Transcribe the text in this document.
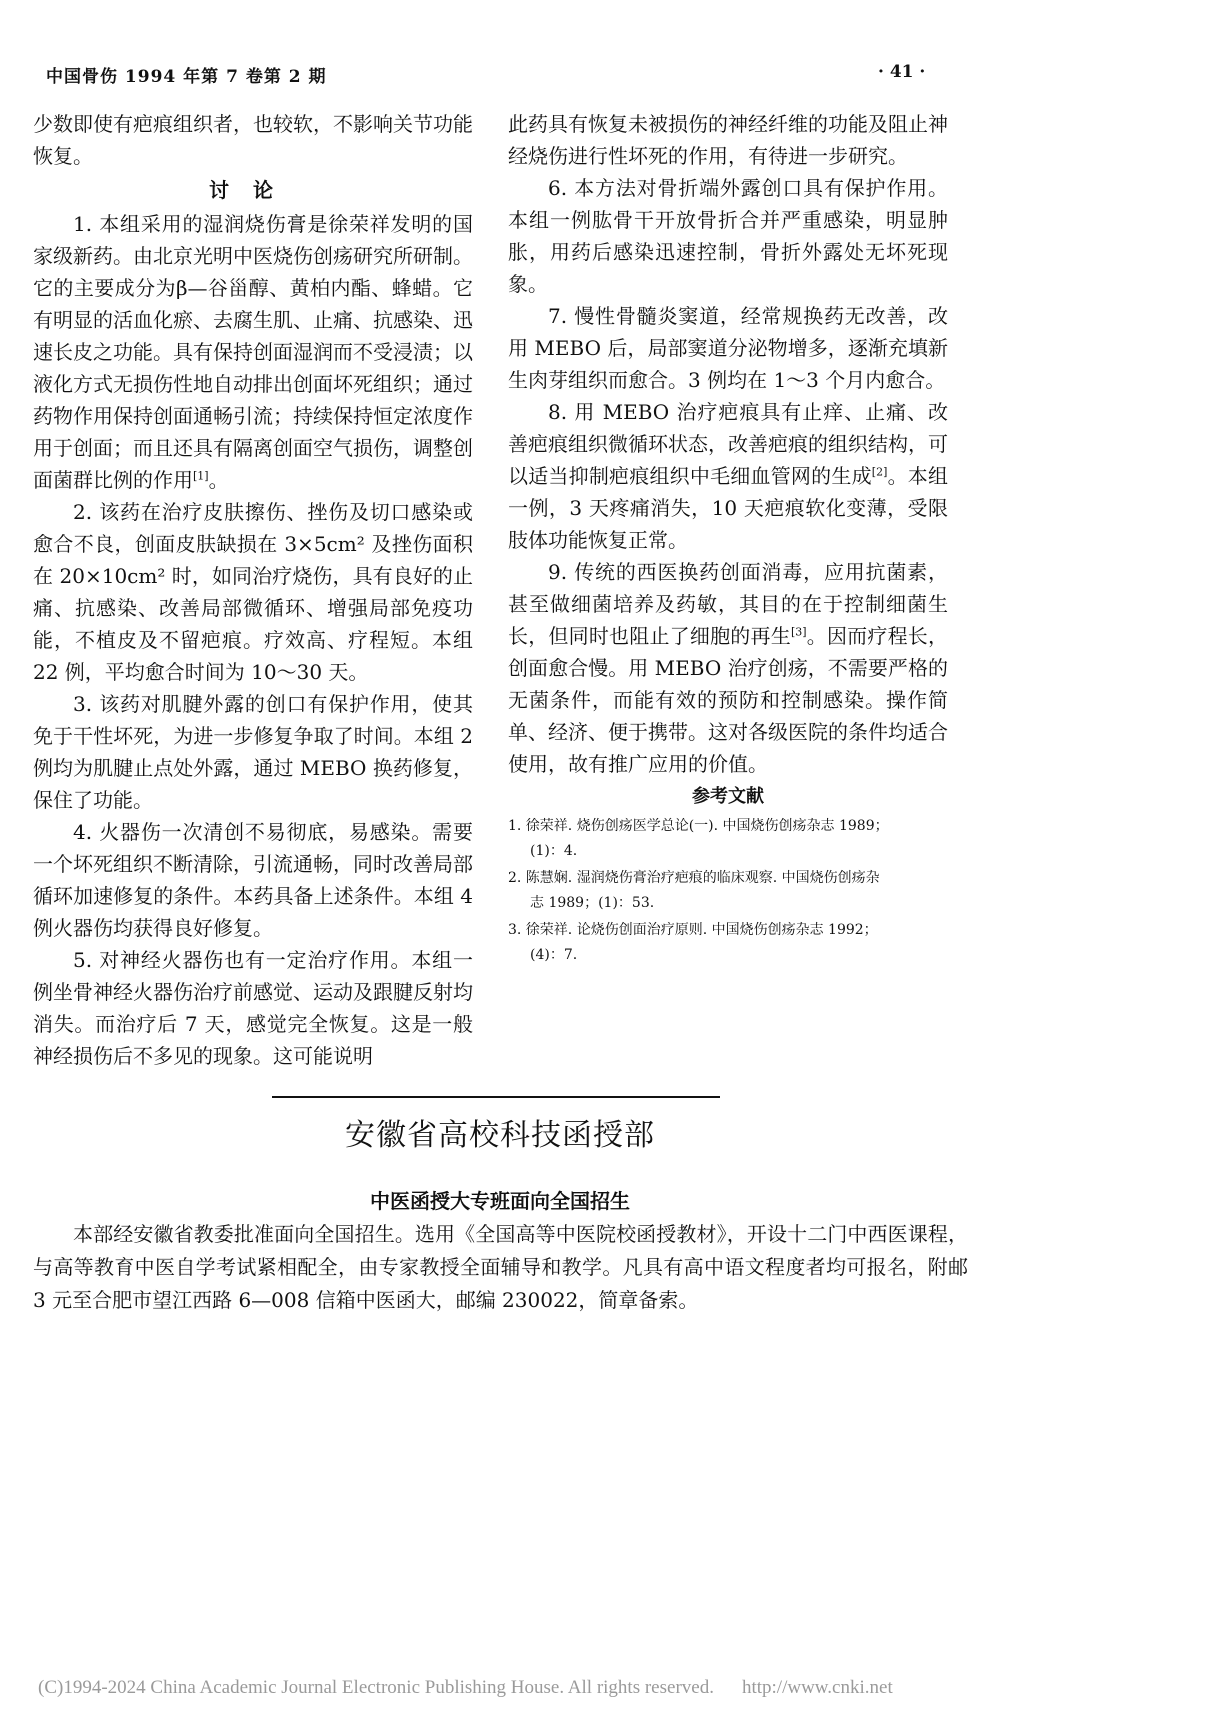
中国骨伤 1994 年第 7 卷第 2 期	· 41 ·

少数即使有疤痕组织者，也较软，不影响关节功能恢复。

讨论

1. 本组采用的湿润烧伤膏是徐荣祥发明的国家级新药。由北京光明中医烧伤创疡研究所研制。它的主要成分为β—谷甾醇、黄柏内酯、蜂蜡。它有明显的活血化瘀、去腐生肌、止痛、抗感染、迅速长皮之功能。具有保持创面湿润而不受浸渍；以液化方式无损伤性地自动排出创面坏死组织；通过药物作用保持创面通畅引流；持续保持恒定浓度作用于创面；而且还具有隔离创面空气损伤，调整创面菌群比例的作用[1]。

2. 该药在治疗皮肤擦伤、挫伤及切口感染或愈合不良，创面皮肤缺损在 3×5cm² 及挫伤面积在 20×10cm² 时，如同治疗烧伤，具有良好的止痛、抗感染、改善局部微循环、增强局部免疫功能，不植皮及不留疤痕。疗效高、疗程短。本组 22 例，平均愈合时间为 10～30 天。

3. 该药对肌腱外露的创口有保护作用，使其免于干性坏死，为进一步修复争取了时间。本组 2 例均为肌腱止点处外露，通过 MEBO 换药修复，保住了功能。

4. 火器伤一次清创不易彻底，易感染。需要一个坏死组织不断清除，引流通畅，同时改善局部循环加速修复的条件。本药具备上述条件。本组 4 例火器伤均获得良好修复。

5. 对神经火器伤也有一定治疗作用。本组一例坐骨神经火器伤治疗前感觉、运动及跟腱反射均消失。而治疗后 7 天，感觉完全恢复。这是一般神经损伤后不多见的现象。这可能说明

此药具有恢复未被损伤的神经纤维的功能及阻止神经烧伤进行性坏死的作用，有待进一步研究。

6. 本方法对骨折端外露创口具有保护作用。本组一例肱骨干开放骨折合并严重感染，明显肿胀，用药后感染迅速控制，骨折外露处无坏死现象。

7. 慢性骨髓炎窦道，经常规换药无改善，改用 MEBO 后，局部窦道分泌物增多，逐渐充填新生肉芽组织而愈合。3 例均在 1～3 个月内愈合。

8. 用 MEBO 治疗疤痕具有止痒、止痛、改善疤痕组织微循环状态，改善疤痕的组织结构，可以适当抑制疤痕组织中毛细血管网的生成[2]。本组一例，3 天疼痛消失，10 天疤痕软化变薄，受限肢体功能恢复正常。

9. 传统的西医换药创面消毒，应用抗菌素，甚至做细菌培养及药敏，其目的在于控制细菌生长，但同时也阻止了细胞的再生[3]。因而疗程长，创面愈合慢。用 MEBO 治疗创疡，不需要严格的无菌条件，而能有效的预防和控制感染。操作简单、经济、便于携带。这对各级医院的条件均适合使用，故有推广应用的价值。

参考文献
1. 徐荣祥. 烧伤创疡医学总论(一). 中国烧伤创疡杂志 1989；
(1)：4.
2. 陈慧娴. 湿润烧伤膏治疗疤痕的临床观察. 中国烧伤创疡杂
志 1989；(1)：53.
3. 徐荣祥. 论烧伤创面治疗原则. 中国烧伤创疡杂志 1992；
(4)：7.
安徽省高校科技函授部
中医函授大专班面向全国招生

本部经安徽省教委批准面向全国招生。选用《全国高等中医院校函授教材》，开设十二门中西医课程，与高等教育中医自学考试紧相配全，由专家教授全面辅导和教学。凡具有高中语文程度者均可报名，附邮 3 元至合肥市望江西路 6—008 信箱中医函大，邮编 230022，简章备索。

(C)1994-2024 China Academic Journal Electronic Publishing House. All rights reserved. http://www.cnki.net
